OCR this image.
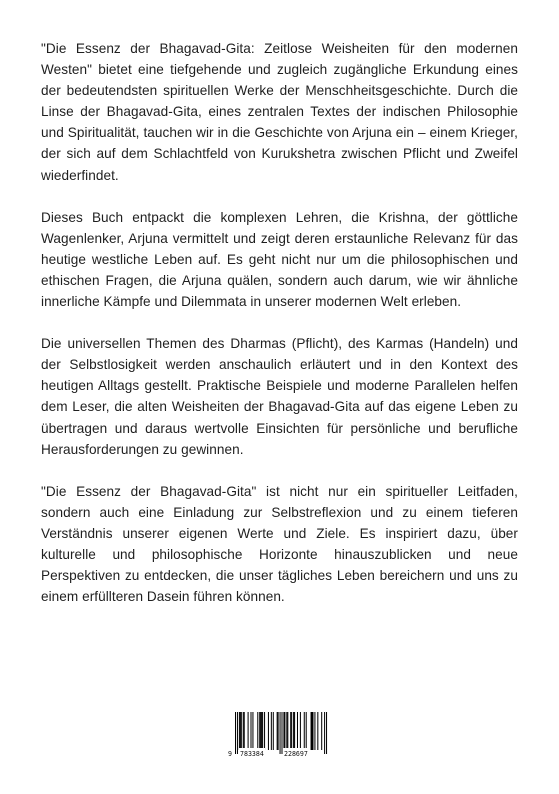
"Die Essenz der Bhagavad-Gita: Zeitlose Weisheiten für den modernen Westen" bietet eine tiefgehende und zugleich zugängliche Erkundung eines der bedeutendsten spirituellen Werke der Menschheitsgeschichte. Durch die Linse der Bhagavad-Gita, eines zentralen Textes der indischen Philosophie und Spiritualität, tauchen wir in die Geschichte von Arjuna ein – einem Krieger, der sich auf dem Schlachtfeld von Kurukshetra zwischen Pflicht und Zweifel wiederfindet.

Dieses Buch entpackt die komplexen Lehren, die Krishna, der göttliche Wagenlenker, Arjuna vermittelt und zeigt deren erstaunliche Relevanz für das heutige westliche Leben auf. Es geht nicht nur um die philosophischen und ethischen Fragen, die Arjuna quälen, sondern auch darum, wie wir ähnliche innerliche Kämpfe und Dilemmata in unserer modernen Welt erleben.

Die universellen Themen des Dharmas (Pflicht), des Karmas (Handeln) und der Selbstlosigkeit werden anschaulich erläutert und in den Kontext des heutigen Alltags gestellt. Praktische Beispiele und moderne Parallelen helfen dem Leser, die alten Weisheiten der Bhagavad-Gita auf das eigene Leben zu übertragen und daraus wertvolle Einsichten für persönliche und berufliche Herausforderungen zu gewinnen.

"Die Essenz der Bhagavad-Gita" ist nicht nur ein spiritueller Leitfaden, sondern auch eine Einladung zur Selbstreflexion und zu einem tieferen Verständnis unserer eigenen Werte und Ziele. Es inspiriert dazu, über kulturelle und philosophische Horizonte hinauszublicken und neue Perspektiven zu entdecken, die unser tägliches Leben bereichern und uns zu einem erfüllteren Dasein führen können.

9 783384	228697
